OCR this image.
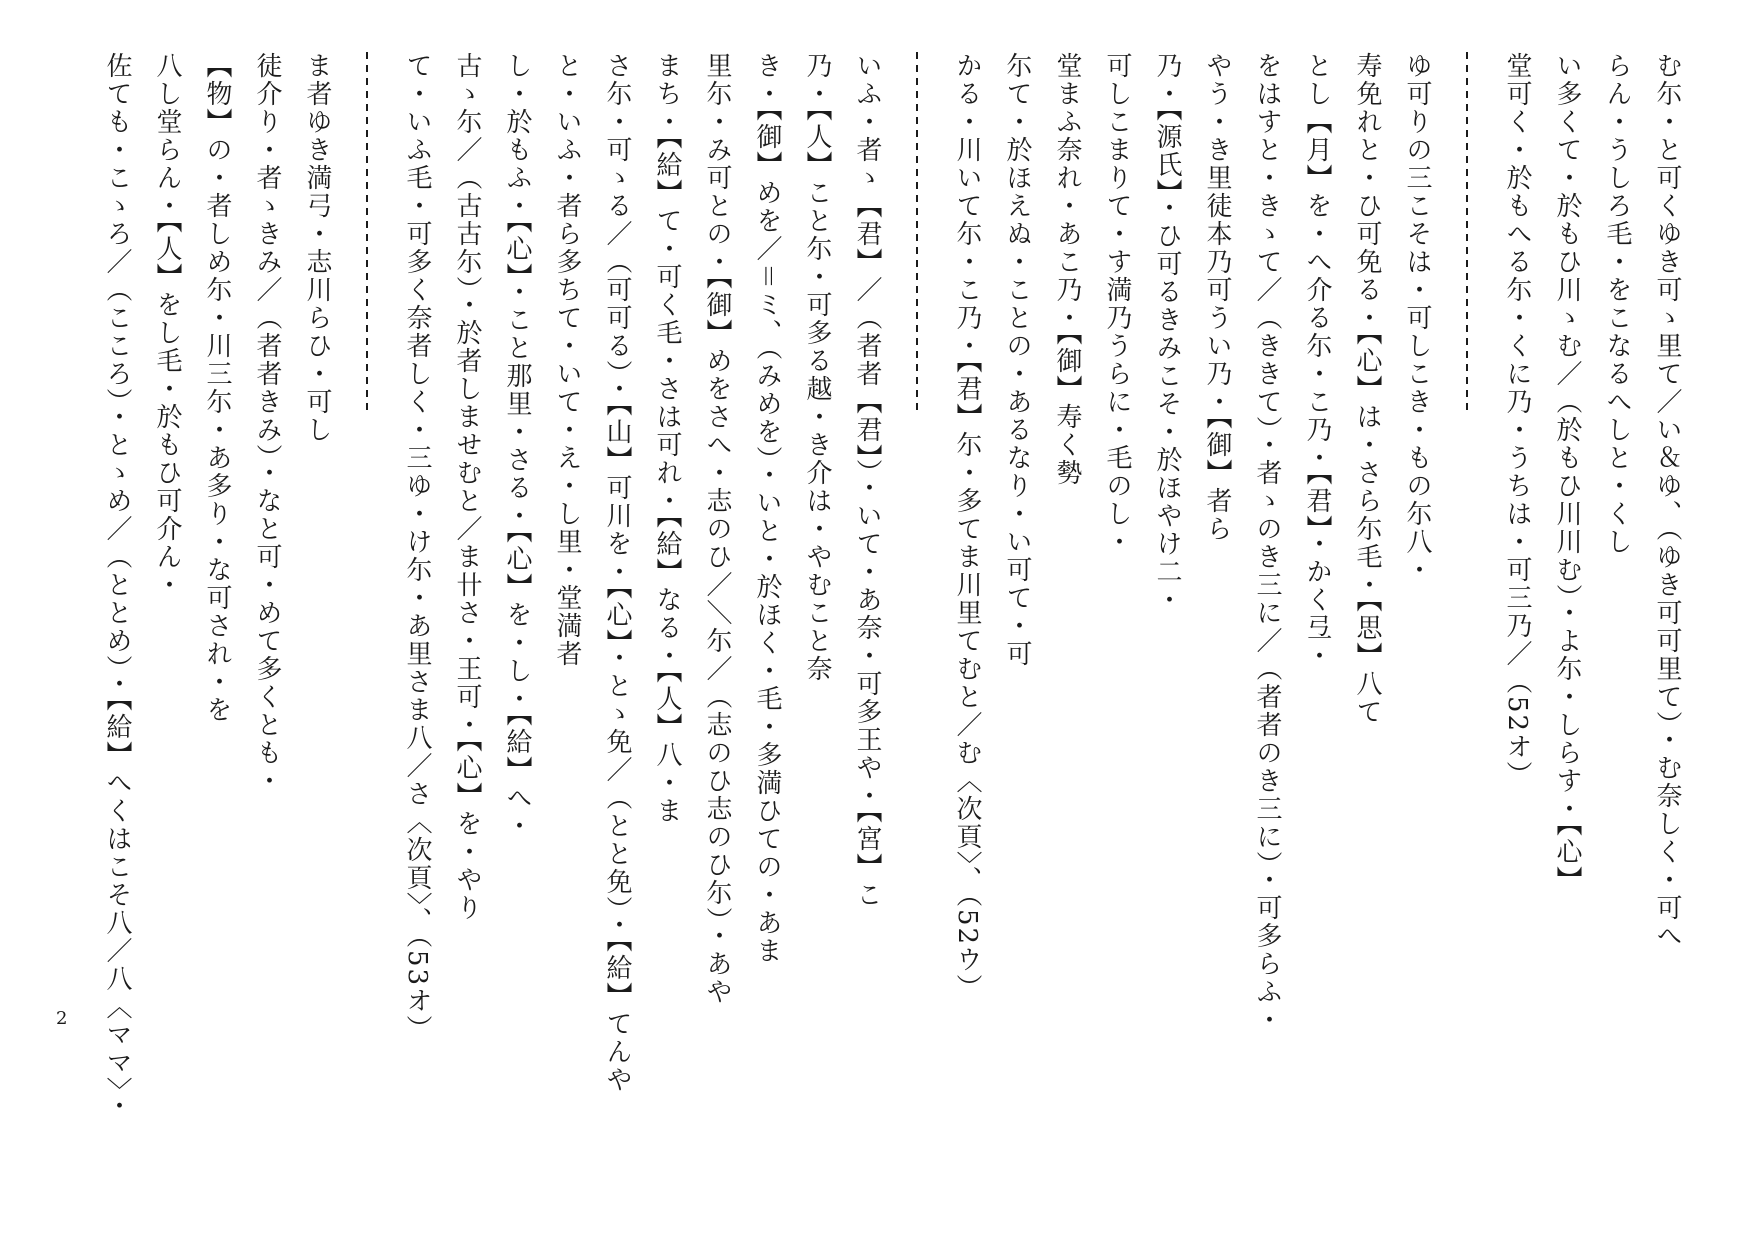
む尓・と可くゆき可ゝ里て／い＆ゆ、（ゆき可可里て）・む奈しく・可へ
らん・うしろ毛・をこなるへしと・くし
い多くて・於もひ川ゝむ／（於もひ川川む）・よ尓・しらす・【心】
堂可く・於もへる尓・くに乃・うちは・可三乃／（52オ）
ゆ可りの三こそは・可しこき・もの尓八・
寿免れと・ひ可免る・【心】は・さら尓毛・【思】八て
とし【月】を・へ介る尓・こ乃・【君】・かく弖・
をはすと・きゝて／（ききて）・者ゝのき三に／（者者のき三に）・可多らふ・
やう・き里徒本乃可うい乃・【御】者ら
乃・【源氏】・ひ可るきみこそ・於ほやけ二・
可しこまりて・す満乃うらに・毛のし・
堂まふ奈れ・あこ乃・【御】寿く勢
尓て・於ほえぬ・ことの・あるなり・い可て・可
かる・川いて尓・こ乃・【君】尓・多てま川里てむと／む〈次頁〉、（52ウ）
いふ・者ゝ【君】／（者者【君】）・いて・あ奈・可多王や・【宮】こ
乃・【人】こと尓・可多る越・き介は・やむこと奈
き・【御】めを／＝ミ、（みめを）・いと・於ほく・毛・多満ひての・あま
里尓・み可との・【御】めをさへ・志のひ／＼尓／（志のひ志のひ尓）・あや
まち・【給】て・可く毛・さは可れ・【給】なる・【人】八・ま
さ尓・可ゝる／（可可る）・【山】可川を・【心】・とゝ免／（とと免）・【給】てんや
と・いふ・者ら多ちて・いて・え・し里・堂満者
し・於もふ・【心】・こと那里・さる・【心】を・し・【給】へ・
古ゝ尓／（古古尓）・於者しませむと／ま卄さ・王可・【心】を・やり
て・いふ毛・可多く奈者しく・三ゆ・け尓・あ里さま八／さ〈次頁〉、（53オ）
ま者ゆき満弓・志川らひ・可し
徒介り・者ゝきみ／（者者きみ）・なと可・めて多くとも・
【物】の・者しめ尓・川三尓・あ多り・な可され・を
八し堂らん・【人】をし毛・於もひ可介ん・
佐ても・こゝろ／（こころ）・とゝめ／（ととめ）・【給】へくはこそ八／八〈ママ〉・
2
